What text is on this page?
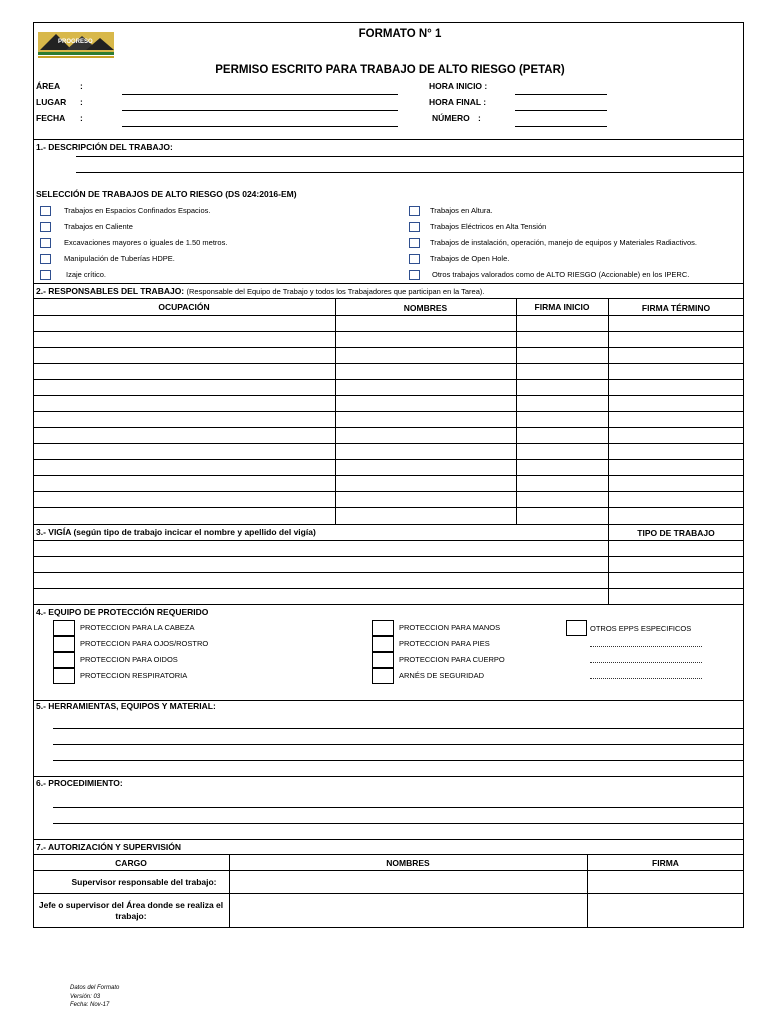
PROGRESO
FORMATO N° 1
PERMISO ESCRITO PARA TRABAJO DE ALTO RIESGO (PETAR)
ÁREA :
LUGAR :
FECHA :
HORA INICIO :
HORA FINAL :
NÚMERO :
1.- DESCRIPCIÓN DEL TRABAJO:
SELECCIÓN DE TRABAJOS DE ALTO RIESGO (DS 024:2016-EM)
Trabajos en Espacios Confinados Espacios.
Trabajos en Caliente
Excavaciones mayores o iguales de 1.50 metros.
Manipulación de Tuberías HDPE.
Izaje crítico.
Trabajos en Altura.
Trabajos Eléctricos en Alta Tensión
Trabajos de instalación, operación, manejo de equipos y Materiales Radiactivos.
Trabajos de Open Hole.
Otros trabajos valorados como de ALTO RIESGO (Accionable) en los IPERC.
2.- RESPONSABLES DEL TRABAJO: (Responsable del Equipo de Trabajo y todos los Trabajadores que participan en la Tarea).
OCUPACIÓN	NOMBRES	FIRMA INICIO	FIRMA TÉRMINO
3.- VIGÍA (según tipo de trabajo incicar el nombre y apellido del vigía)	TIPO DE TRABAJO
4.- EQUIPO DE PROTECCIÓN REQUERIDO
PROTECCION PARA LA CABEZA
PROTECCION PARA OJOS/ROSTRO
PROTECCION PARA OIDOS
PROTECCION RESPIRATORIA
PROTECCION PARA MANOS
PROTECCION PARA PIES
PROTECCION PARA CUERPO
ARNÉS DE SEGURIDAD
OTROS EPPS ESPECIFICOS
5.- HERRAMIENTAS, EQUIPOS Y MATERIAL:
6.- PROCEDIMIENTO:
7.- AUTORIZACIÓN Y SUPERVISIÓN
CARGO	NOMBRES	FIRMA
Supervisor responsable del trabajo:
Jefe o supervisor del Área donde se realiza el trabajo:
Datos del Formato
Versión: 03
Fecha: Nov-17
